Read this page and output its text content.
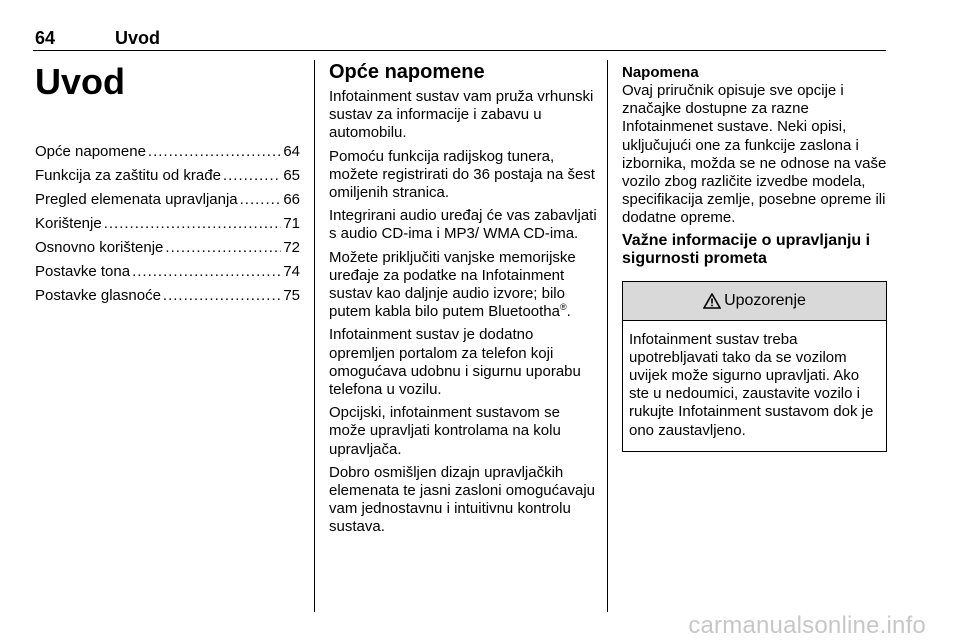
64	Uvod
Uvod
Opće napomene .....	64
Funkcija za zaštitu od krađe .....	65
Pregled elemenata upravljanja .....	66
Korištenje .....	71
Osnovno korištenje .....	72
Postavke tona .....	74
Postavke glasnoće .....	75
Opće napomene

Infotainment sustav vam pruža vrhunski sustav za informacije i zabavu u automobilu.

Pomoću funkcija radijskog tunera, možete registrirati do 36 postaja na šest omiljenih stranica.

Integrirani audio uređaj će vas zabavljati s audio CD-ima i MP3/ WMA CD-ima.

Možete priključiti vanjske memorijske uređaje za podatke na Infotainment sustav kao daljnje audio izvore; bilo putem kabla bilo putem Bluetootha®.

Infotainment sustav je dodatno opremljen portalom za telefon koji omogućava udobnu i sigurnu uporabu telefona u vozilu.

Opcijski, infotainment sustavom se može upravljati kontrolama na kolu upravljača.

Dobro osmišljen dizajn upravljačkih elemenata te jasni zasloni omogućavaju vam jednostavnu i intuitivnu kontrolu sustava.

Napomena

Ovaj priručnik opisuje sve opcije i značajke dostupne za razne Infotainmenet sustave. Neki opisi, uključujući one za funkcije zaslona i izbornika, možda se ne odnose na vaše vozilo zbog različite izvedbe modela, specifikacija zemlje, posebne opreme ili dodatne opreme.

Važne informacije o upravljanju i sigurnosti prometa
Upozorenje
Infotainment sustav treba upotrebljavati tako da se vozilom uvijek može sigurno upravljati. Ako ste u nedoumici, zaustavite vozilo i rukujte Infotainment sustavom dok je ono zaustavljeno.
carmanualsonline.info
